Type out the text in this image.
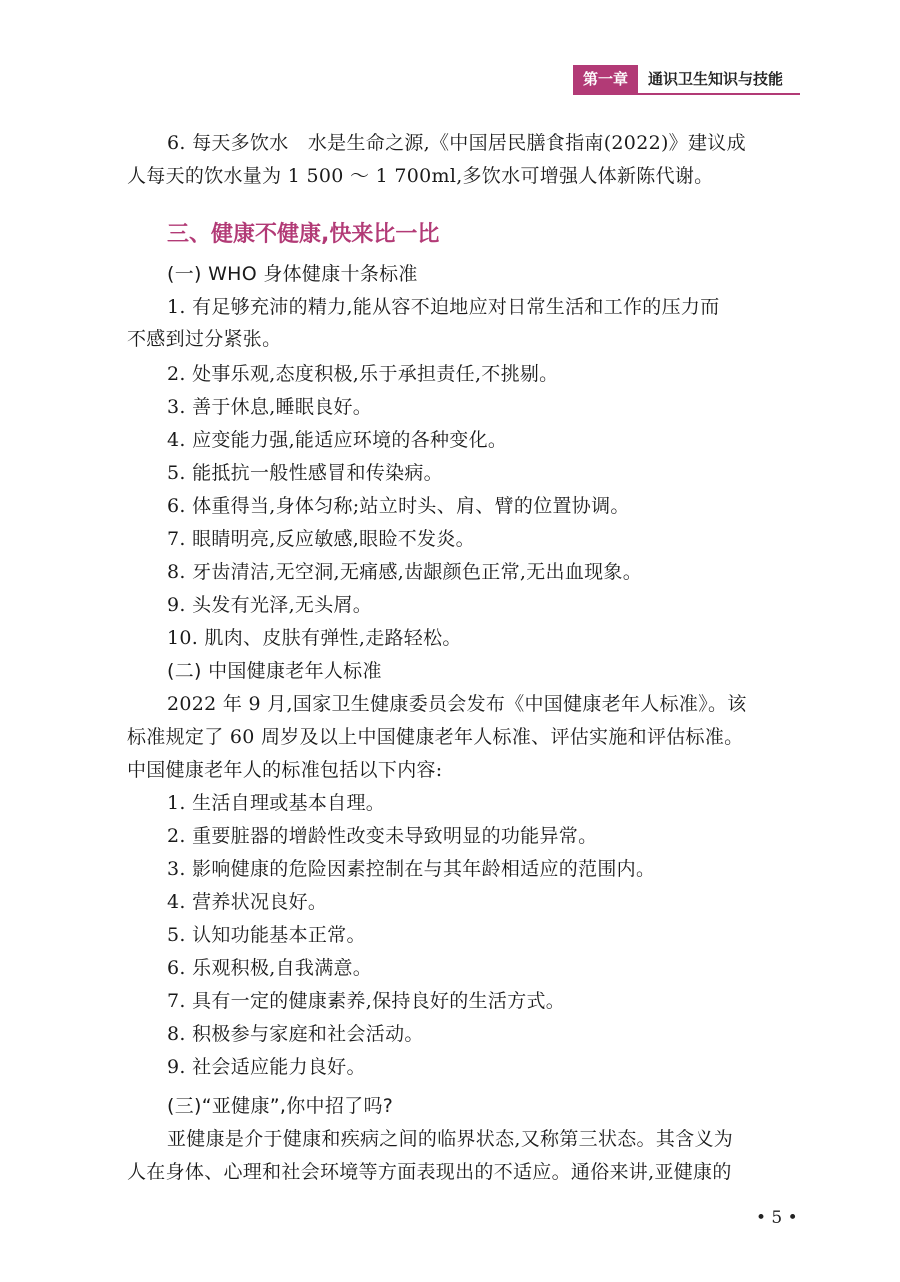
第一章	通识卫生知识与技能
6. 每天多饮水　水是生命之源,《中国居民膳食指南(2022)》建议成
人每天的饮水量为 1 500 ～ 1 700ml,多饮水可增强人体新陈代谢。
三、健康不健康,快来比一比
(一) WHO 身体健康十条标准
1. 有足够充沛的精力,能从容不迫地应对日常生活和工作的压力而
不感到过分紧张。
2. 处事乐观,态度积极,乐于承担责任,不挑剔。
3. 善于休息,睡眠良好。
4. 应变能力强,能适应环境的各种变化。
5. 能抵抗一般性感冒和传染病。
6. 体重得当,身体匀称;站立时头、肩、臂的位置协调。
7. 眼睛明亮,反应敏感,眼睑不发炎。
8. 牙齿清洁,无空洞,无痛感,齿龈颜色正常,无出血现象。
9. 头发有光泽,无头屑。
10. 肌肉、皮肤有弹性,走路轻松。
(二) 中国健康老年人标准
2022 年 9 月,国家卫生健康委员会发布《中国健康老年人标准》。该
标准规定了 60 周岁及以上中国健康老年人标准、评估实施和评估标准。
中国健康老年人的标准包括以下内容:
1. 生活自理或基本自理。
2. 重要脏器的增龄性改变未导致明显的功能异常。
3. 影响健康的危险因素控制在与其年龄相适应的范围内。
4. 营养状况良好。
5. 认知功能基本正常。
6. 乐观积极,自我满意。
7. 具有一定的健康素养,保持良好的生活方式。
8. 积极参与家庭和社会活动。
9. 社会适应能力良好。
(三)“亚健康”,你中招了吗?
亚健康是介于健康和疾病之间的临界状态,又称第三状态。其含义为
人在身体、心理和社会环境等方面表现出的不适应。通俗来讲,亚健康的
• 5 •
